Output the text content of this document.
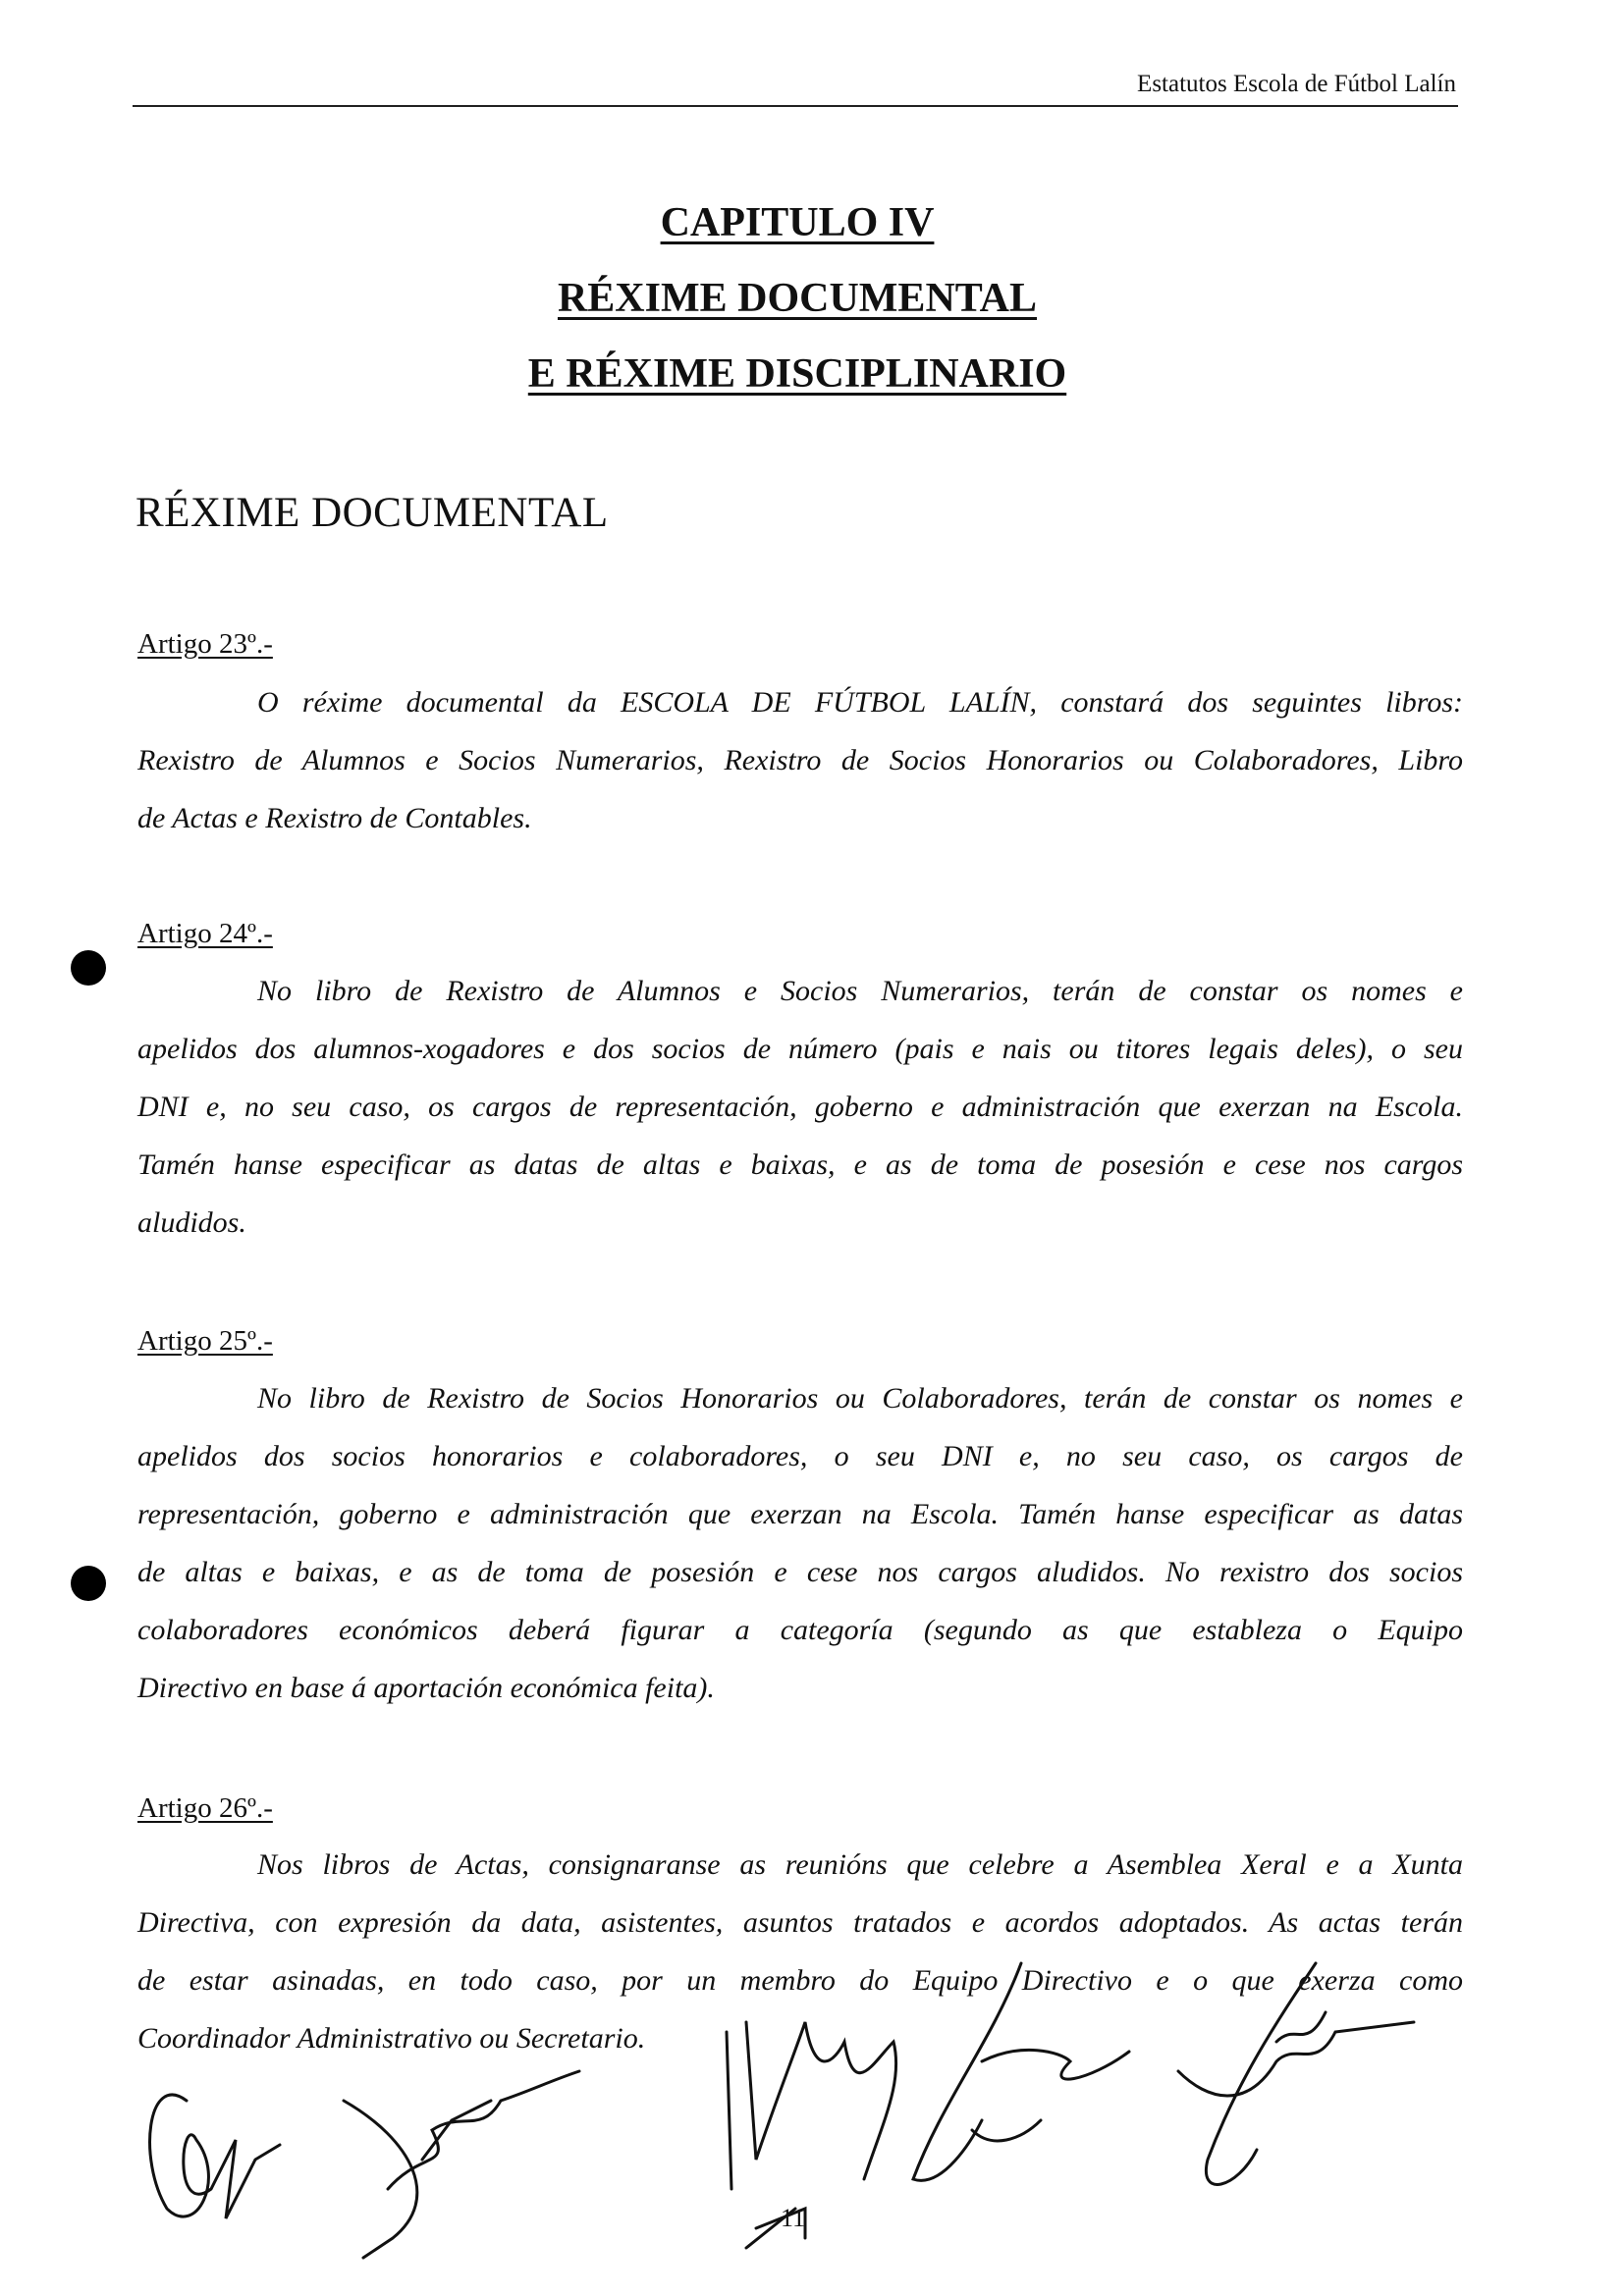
Estatutos Escola de Fútbol Lalín
CAPITULO IV
RÉXIME DOCUMENTAL
E RÉXIME DISCIPLINARIO
RÉXIME DOCUMENTAL
Artigo 23º.-
O réxime documental da ESCOLA DE FÚTBOL LALÍN, constará dos seguintes libros:
Rexistro de Alumnos e Socios Numerarios, Rexistro de Socios Honorarios ou Colaboradores, Libro
de Actas e Rexistro de Contables.
Artigo 24º.-
No libro de Rexistro de Alumnos e Socios Numerarios, terán de constar os nomes e
apelidos dos alumnos-xogadores e dos socios de número (pais e nais ou titores legais deles), o seu
DNI e, no seu caso, os cargos de representación, goberno e administración que exerzan na Escola.
Tamén hanse especificar as datas de altas e baixas, e as de toma de posesión e cese nos cargos
aludidos.
Artigo 25º.-
No libro de Rexistro de Socios Honorarios ou Colaboradores, terán de constar os nomes e
apelidos dos socios honorarios e colaboradores, o seu DNI e, no seu caso, os cargos de
representación, goberno e administración que exerzan na Escola. Tamén hanse especificar as datas
de altas e baixas, e as de toma de posesión e cese nos cargos aludidos. No rexistro dos socios
colaboradores económicos deberá figurar a categoría (segundo as que estableza o Equipo
Directivo en base á aportación económica feita).
Artigo 26º.-
Nos libros de Actas, consignaranse as reunións que celebre a Asemblea Xeral e a Xunta
Directiva, con expresión da data, asistentes, asuntos tratados e acordos adoptados. As actas terán
de estar asinadas, en todo caso, por un membro do Equipo Directivo e o que exerza como
Coordinador Administrativo ou Secretario.
11
